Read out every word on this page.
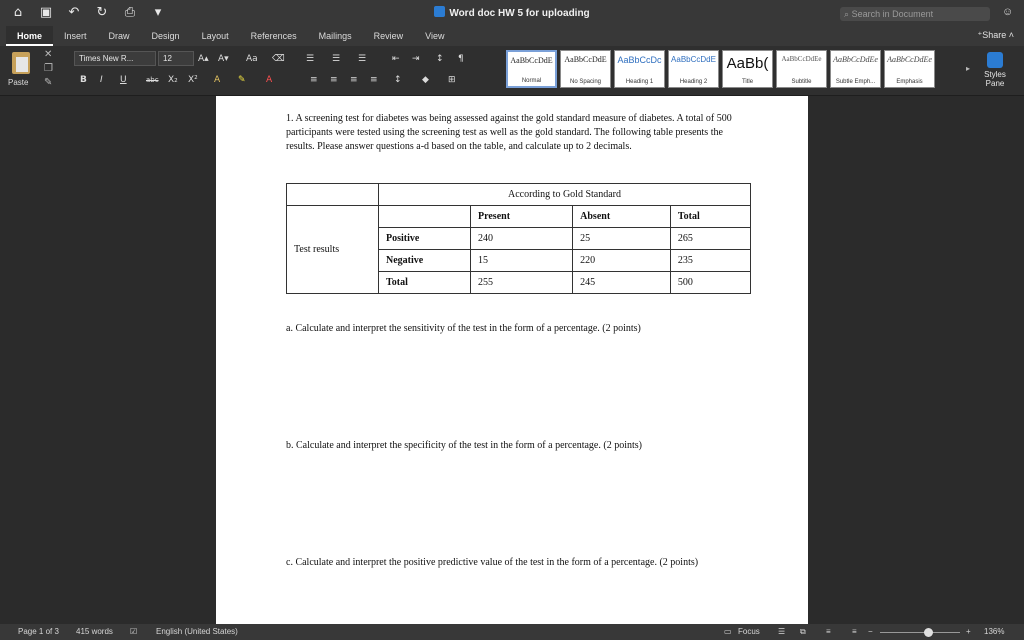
⌂ ▣ ↶ ↻ ⎙	▾	Word doc HW 5 for uploading	⌕ Search in Document	☺
Home	Insert	Draw	Design	Layout	References	Mailings	Review	View	⁺Share ˄
Paste
✕
❐
✎
Times New R...	12	A▴ A▾ Aa ⌫
B I U	abc X₂ X² A ✎ A
☰ ☰ ☰	⇤ ⇥ ↕ ¶
≡ ≡ ≡ ≡ ↕ ◆ ⊞
AaBbCcDdE
Normal
AaBbCcDdE
No Spacing
AaBbCcDc
Heading 1
AaBbCcDdE
Heading 2
AaBb(
Title
AaBbCcDdEe
Subtitle
AaBbCcDdEe
Subtle Emph...
AaBbCcDdEe
Emphasis
▸
Styles Pane
1. A screening test for diabetes was being assessed against the gold standard measure of diabetes. A total of 500 participants were tested using the screening test as well as the gold standard. The following table presents the results. Please answer questions a-d based on the table, and calculate up to 2 decimals.
	According to Gold Standard			
Test results		Present	Absent	Total
	Positive	240	25	265
	Negative	15	220	235
	Total	255	245	500
a. Calculate and interpret the sensitivity of the test in the form of a percentage. (2 points)
b. Calculate and interpret the specificity of the test in the form of a percentage. (2 points)
c. Calculate and interpret the positive predictive value of the test in the form of a percentage. (2 points)
Page 1 of 3 415 words ☑ English (United States)	▭ Focus ☰ ⧉	≡	≡ −	+ 136%
